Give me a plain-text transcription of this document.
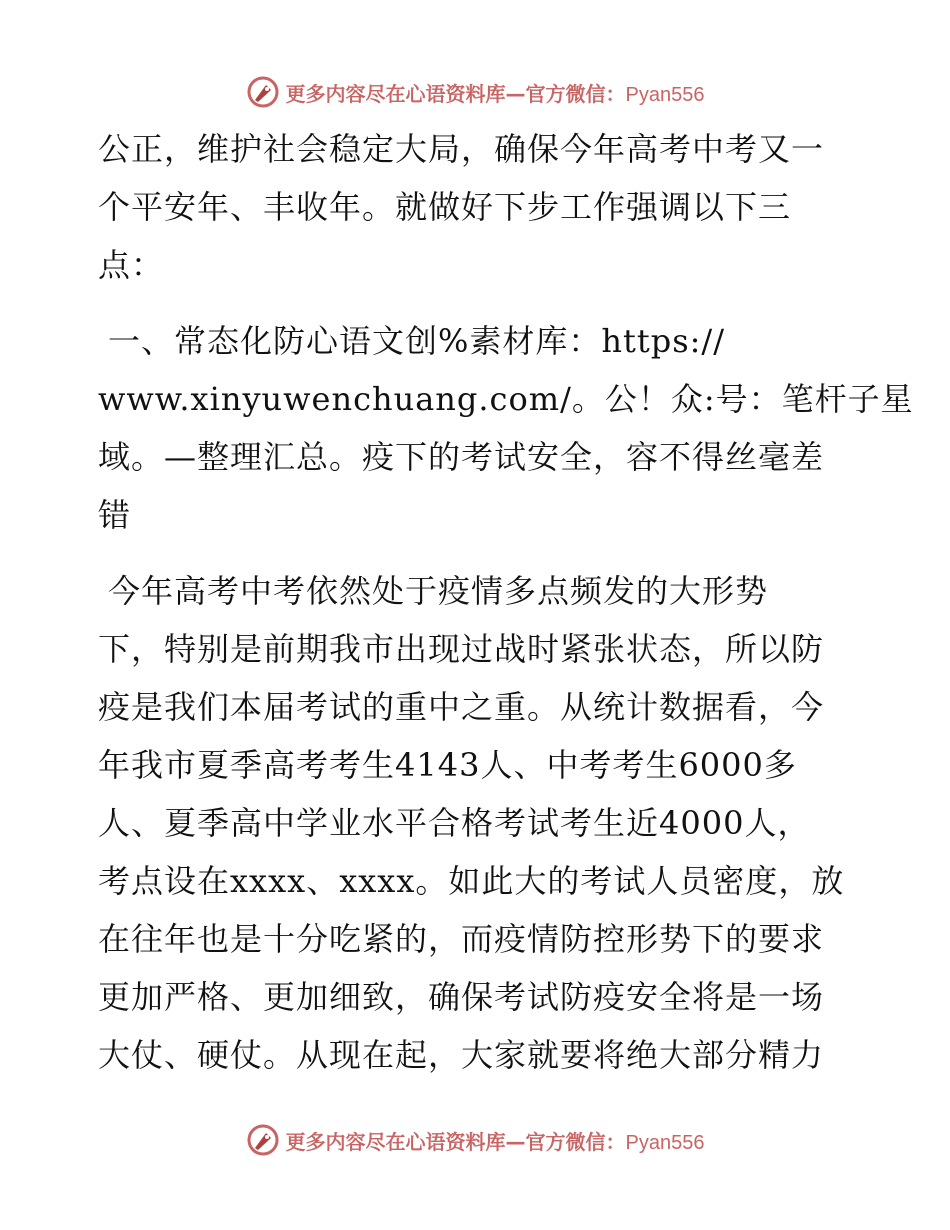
更多内容尽在心语资料库—官方微信：Pyan556
公正，维护社会稳定大局，确保今年高考中考又一
个平安年、丰收年。就做好下步工作强调以下三
点：
一、常态化防心语文创%素材库：https://
www.xinyuwenchuang.com/。公！众:号：笔杆子星
域。—整理汇总。疫下的考试安全，容不得丝毫差
错
今年高考中考依然处于疫情多点频发的大形势
下，特别是前期我市出现过战时紧张状态，所以防
疫是我们本届考试的重中之重。从统计数据看，今
年我市夏季高考考生4143人、中考考生6000多
人、夏季高中学业水平合格考试考生近4000人，
考点设在xxxx、xxxx。如此大的考试人员密度，放
在往年也是十分吃紧的，而疫情防控形势下的要求
更加严格、更加细致，确保考试防疫安全将是一场
大仗、硬仗。从现在起，大家就要将绝大部分精力
更多内容尽在心语资料库—官方微信：Pyan556
